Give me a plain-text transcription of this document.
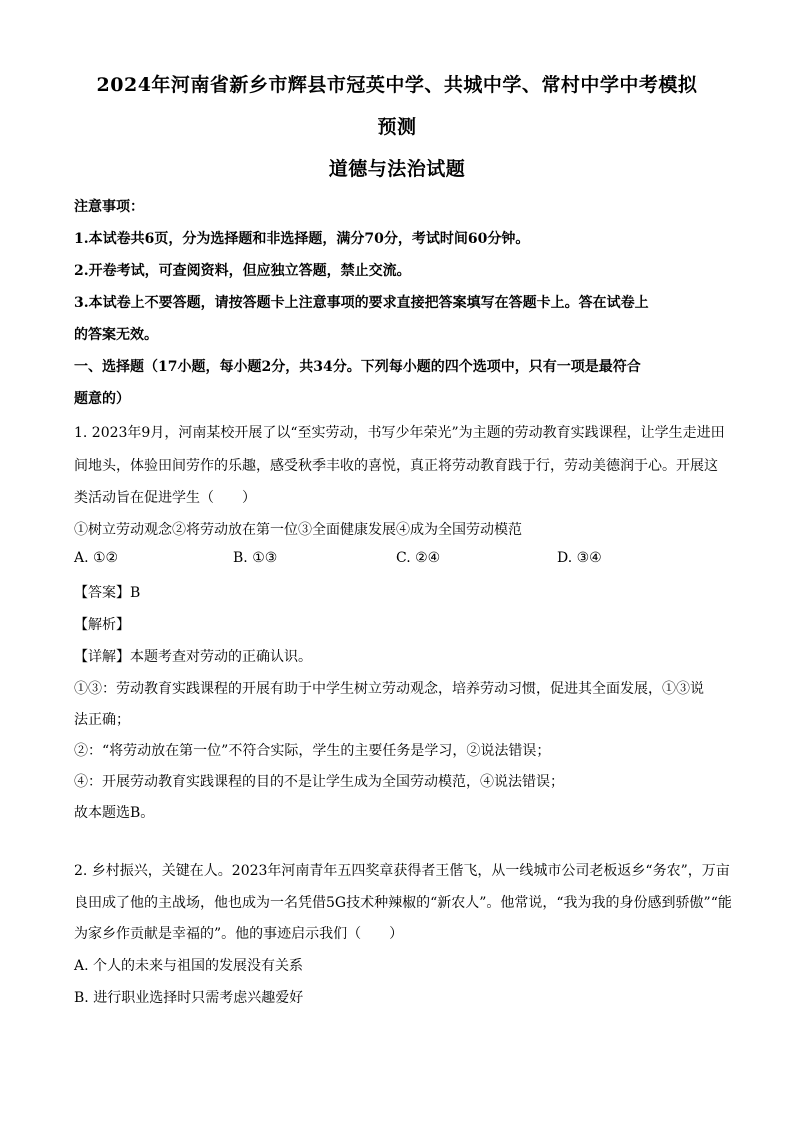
2024年河南省新乡市辉县市冠英中学、共城中学、常村中学中考模拟
预测
道德与法治试题
注意事项：
1.本试卷共6页，分为选择题和非选择题，满分70分，考试时间60分钟。
2.开卷考试，可查阅资料，但应独立答题，禁止交流。
3.本试卷上不要答题，请按答题卡上注意事项的要求直接把答案填写在答题卡上。答在试卷上
的答案无效。
一、选择题（17小题，每小题2分，共34分。下列每小题的四个选项中，只有一项是最符合
题意的）
1. 2023年9月，河南某校开展了以“至实劳动，书写少年荣光”为主题的劳动教育实践课程，让学生走进田
间地头，体验田间劳作的乐趣，感受秋季丰收的喜悦，真正将劳动教育践于行，劳动美德润于心。开展这
类活动旨在促进学生（　　）
①树立劳动观念②将劳动放在第一位③全面健康发展④成为全国劳动模范
A. ①②	B. ①③	C. ②④	D. ③④
【答案】B
【解析】
【详解】本题考查对劳动的正确认识。
①③：劳动教育实践课程的开展有助于中学生树立劳动观念，培养劳动习惯，促进其全面发展，①③说
法正确；
②：“将劳动放在第一位”不符合实际，学生的主要任务是学习，②说法错误；
④：开展劳动教育实践课程的目的不是让学生成为全国劳动模范，④说法错误；
故本题选B。
2. 乡村振兴，关键在人。2023年河南青年五四奖章获得者王偕飞，从一线城市公司老板返乡“务农”，万亩
良田成了他的主战场，他也成为一名凭借5G技术种辣椒的“新农人”。他常说，“我为我的身份感到骄傲”“能
为家乡作贡献是幸福的”。他的事迹启示我们（　　）
A. 个人的未来与祖国的发展没有关系
B. 进行职业选择时只需考虑兴趣爱好
